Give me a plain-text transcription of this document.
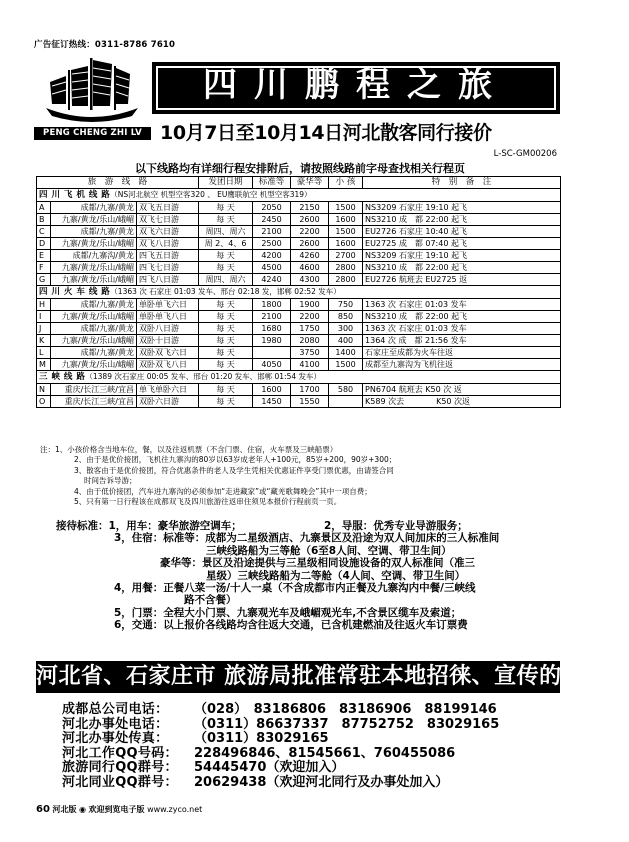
广告征订热线：0311-8786 7610
PENG CHENG ZHI LV
四川鹏程之旅
10月7日至10月14日河北散客同行接价
L-SC-GM00206
以下线路均有详细行程安排附后，请按照线路前字母查找相关行程页
旅　游　线　路			发团日期	标准等	豪华等	小 孩	特　别　备　注
四 川 飞 机 线 路（NS河北航空 机型空客320 、 EU鹰联航空 机型空客319）							
A	成都/九寨/黄龙	双飞五日游	每 天	2050	2150	1500	NS3209 石家庄 19:10 起飞
B	九寨/黄龙/乐山/峨嵋	双飞七日游	每 天	2450	2600	1600	NS3210 成　都 22:00 起飞
C	成都/九寨/黄龙	双飞六日游	周四、周六	2100	2200	1500	EU2726 石家庄 10:40 起飞
D	九寨/黄龙/乐山/峨嵋	双飞八日游	周 2、4、6	2500	2600	1600	EU2725 成　都 07:40 起飞
E	成都/九寨沟/黄龙	四飞五日游	每 天	4200	4260	2700	NS3209 石家庄 19:10 起飞
F	九寨/黄龙/乐山/峨嵋	四飞七日游	每 天	4500	4600	2800	NS3210 成　都 22:00 起飞
G	九寨/黄龙/乐山/峨嵋	四飞八日游	周四、周六	4240	4300	2800	EU2726 航班去 EU2725 返
四 川 火 车 线 路（1363 次 石家庄 01:03 发车、邢台 02:18 发，邯郸 02:52 发车）							
H	成都/九寨/黄龙	单卧单飞六日	每 天	1800	1900	750	1363 次 石家庄 01:03 发车
I	九寨/黄龙/乐山/峨嵋	单卧单飞八日	每 天	2100	2200	850	NS3210 成　都 22:00 起飞
J	成都/九寨/黄龙	双卧八日游	每 天	1680	1750	300	1363 次 石家庄 01:03 发车
K	九寨/黄龙/乐山/峨嵋	双卧十日游	每 天	1980	2080	400	1364 次 成　都 21:56 发车
L	成都/九寨/黄龙	双卧双飞六日	每 天		3750	1400	石家庄至成都为火车往返
M	九寨/黄龙/乐山/峨嵋	双卧双飞八日	每 天	4050	4100	1500	成都至九寨沟为飞机往返
三 峡 线 路（1389 次石家庄 00:05 发车、邢台 01:20 发车、邯郸 01:54 发车）							
N	重庆/长江三峡/宜昌	单飞单卧六日	每 天	1600	1700	580	PN6704 航班去 K50 次 返
O	重庆/长江三峡/宜昌	双卧六日游	每 天	1450	1550		K589 次去　　　　K50 次返
注：1、小孩价格含当地车位，餐，以及往返机票（不含门票、住宿，火车票及三峡船票）
2、由于是优价接团，飞机往九寨沟的80岁以63岁成老年人+100元，85岁+200，90岁+300；
3、散客由于是优价接团，符合优惠条件的老人及学生凭相关优惠证件享受门票优惠，由请签合同
时间告诉导游；
4、由于低价接团，汽车进九寨沟的必须参加“走进藏家”或“藏羌歌舞晚会”其中一项自费；
5、只有第一日行程该在成都双飞及四川旅游往返串住须见本报价行程前页一页。
接待标准：1，用车：豪华旅游空调车；	2，导服：优秀专业导游服务；
3，住宿：标准等：成都为二星级酒店、九寨景区及沿途为双人间加床的三人标准间
三峡线路船为三等舱（6至8人间、空调、带卫生间）
豪华等：景区及沿途提供与三星级相同设施设备的双人标准间（准三
星级）三峡线路船为二等舱（4人间、空调、带卫生间）
4，用餐：正餐八菜一汤/十人一桌（不含成都市内正餐及九寨沟内中餐/三峡线
路不含餐）
5，门票：全程大小门票、九寨观光车及峨嵋观光车,不含景区缆车及索道；
6，交通：以上报价各线路均含往返大交通，已含机建燃油及往返火车订票费
河北省、石家庄市 旅游局批准常驻本地招徕、宣传的办事处
成都总公司电话： （028）　83186806　83186906　88199146
河北办事处电话： （0311）86637337　87752752　83029165
河北办事处传真： （0311）83029165
河北工作QQ号码： 228496846、81545661、760455086
旅游同行QQ群号： 54445470（欢迎加入）
河北同业QQ群号： 20629438（欢迎河北同行及办事处加入）
60 河北版 ◉ 欢迎到览电子版 www.zyco.net
